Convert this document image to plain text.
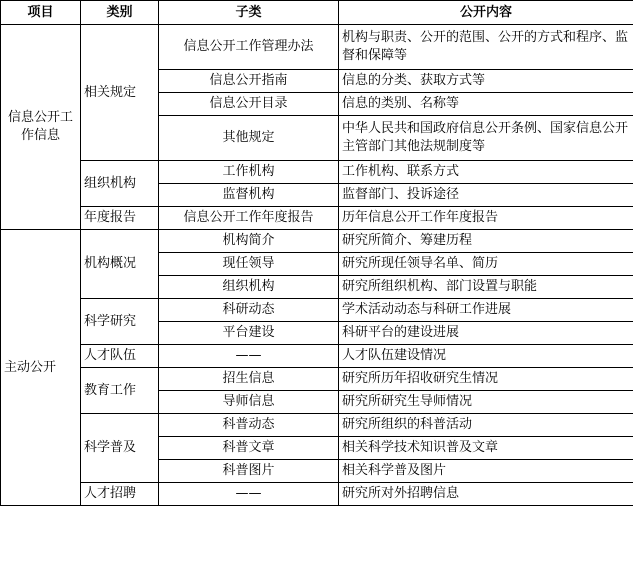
项目	类别	子类	公开内容
信息公开工作信息	相关规定	信息公开工作管理办法	机构与职责、公开的范围、公开的方式和程序、监督和保障等
		信息公开指南	信息的分类、获取方式等
		信息公开目录	信息的类别、名称等
		其他规定	中华人民共和国政府信息公开条例、国家信息公开主管部门其他法规制度等
	组织机构	工作机构	工作机构、联系方式
		监督机构	监督部门、投诉途径
	年度报告	信息公开工作年度报告	历年信息公开工作年度报告
主动公开	机构概况	机构简介	研究所简介、筹建历程
		现任领导	研究所现任领导名单、简历
		组织机构	研究所组织机构、部门设置与职能
	科学研究	科研动态	学术活动动态与科研工作进展
		平台建设	科研平台的建设进展
	人才队伍	——	人才队伍建设情况
	教育工作	招生信息	研究所历年招收研究生情况
		导师信息	研究所研究生导师情况
	科学普及	科普动态	研究所组织的科普活动
		科普文章	相关科学技术知识普及文章
		科普图片	相关科学普及图片
	人才招聘	——	研究所对外招聘信息
